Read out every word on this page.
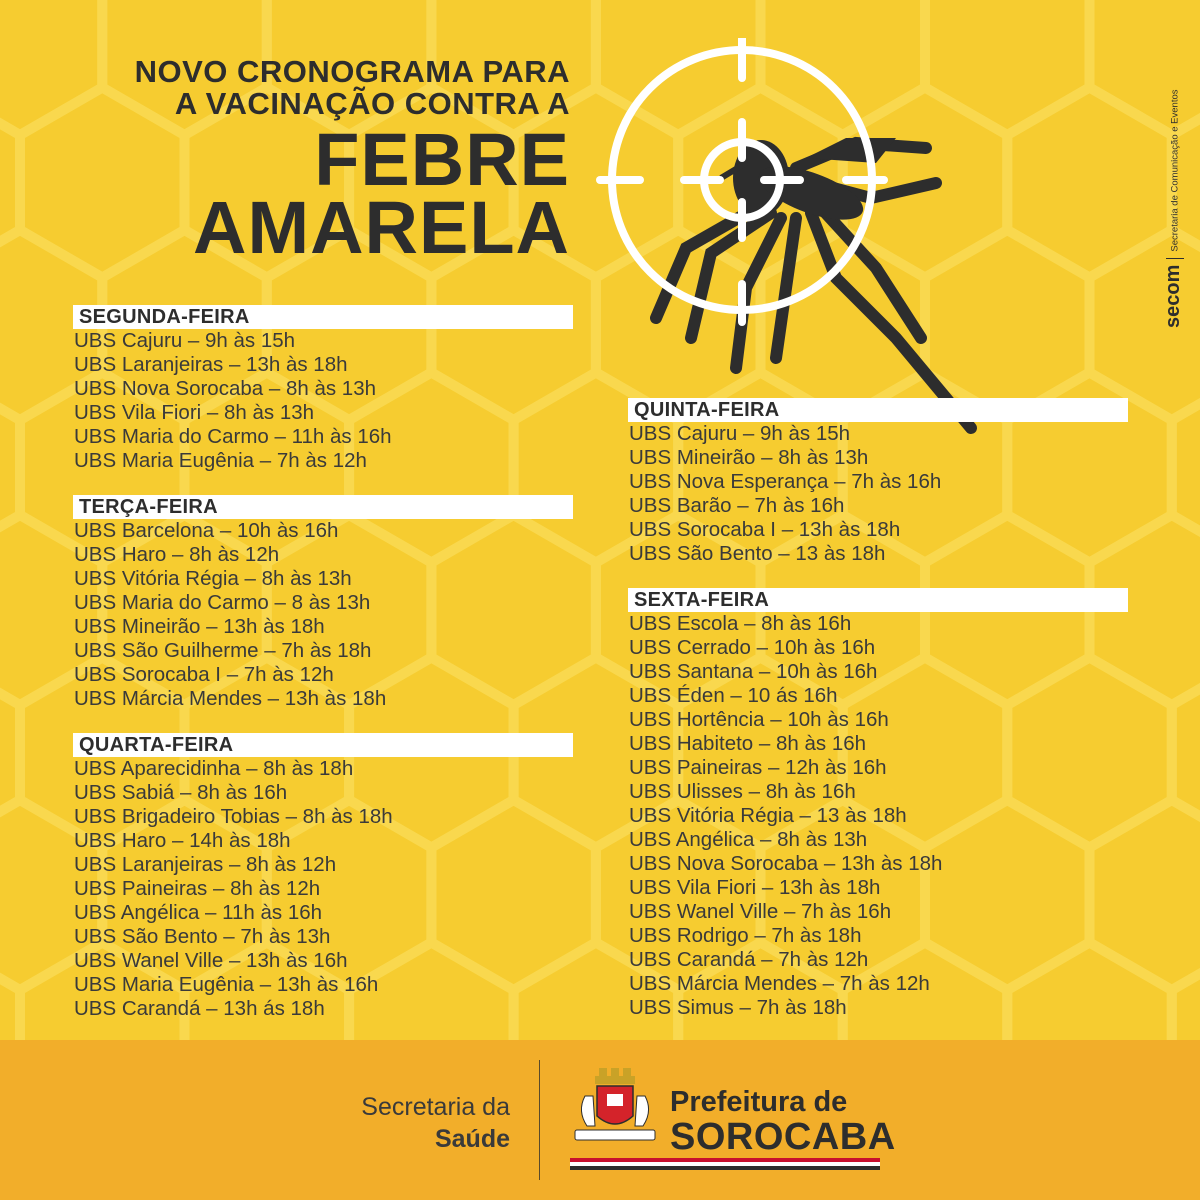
NOVO CRONOGRAMA PARA
A VACINAÇÃO CONTRA A
FEBRE
AMARELA
secomSecretaria de Comunicação e Eventos
SEGUNDA-FEIRA
UBS Cajuru – 9h às 15h
UBS Laranjeiras – 13h às 18h
UBS Nova Sorocaba – 8h às 13h
UBS Vila Fiori – 8h às 13h
UBS Maria do Carmo – 11h às 16h
UBS Maria Eugênia – 7h às 12h
TERÇA-FEIRA
UBS Barcelona – 10h às 16h
UBS Haro – 8h às 12h
UBS Vitória Régia – 8h às 13h
UBS Maria do Carmo – 8 às 13h
UBS Mineirão – 13h às 18h
UBS São Guilherme – 7h às 18h
UBS Sorocaba I – 7h às 12h
UBS Márcia Mendes – 13h às 18h
QUARTA-FEIRA
UBS Aparecidinha – 8h às 18h
UBS Sabiá – 8h às 16h
UBS Brigadeiro Tobias – 8h às 18h
UBS Haro – 14h às 18h
UBS Laranjeiras – 8h às 12h
UBS Paineiras – 8h às 12h
UBS Angélica – 11h às 16h
UBS São Bento – 7h às 13h
UBS Wanel Ville – 13h às 16h
UBS Maria Eugênia – 13h às 16h
UBS Carandá – 13h ás 18h
QUINTA-FEIRA
UBS Cajuru – 9h às 15h
UBS Mineirão – 8h às 13h
UBS Nova Esperança – 7h às 16h
UBS Barão – 7h às 16h
UBS Sorocaba I – 13h às 18h
UBS São Bento – 13 às 18h
SEXTA-FEIRA
UBS Escola – 8h às 16h
UBS Cerrado – 10h às 16h
UBS Santana – 10h às 16h
UBS Éden – 10 ás 16h
UBS Hortência – 10h às 16h
UBS Habiteto – 8h às 16h
UBS Paineiras – 12h às 16h
UBS Ulisses – 8h às 16h
UBS Vitória Régia – 13 às 18h
UBS Angélica – 8h às 13h
UBS Nova Sorocaba – 13h às 18h
UBS Vila Fiori – 13h às 18h
UBS Wanel Ville – 7h às 16h
UBS Rodrigo – 7h às 18h
UBS Carandá – 7h às 12h
UBS Márcia Mendes – 7h às 12h
UBS Simus – 7h às 18h
Secretaria da
Saúde
Prefeitura de
SOROCABA
